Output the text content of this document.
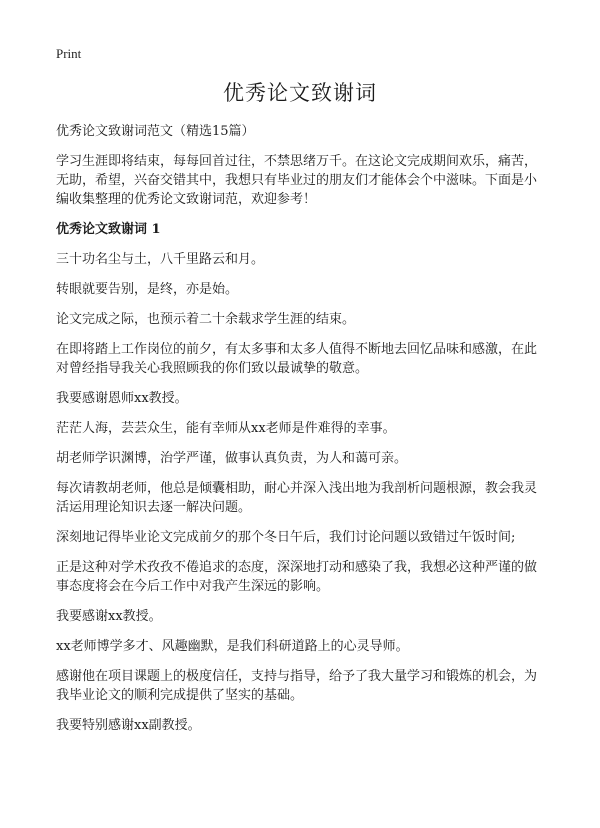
Print
优秀论文致谢词
优秀论文致谢词范文（精选15篇）

学习生涯即将结束，每每回首过往，不禁思绪万千。在这论文完成期间欢乐，痛苦，无助，希望，兴奋交错其中，我想只有毕业过的朋友们才能体会个中滋味。下面是小编收集整理的优秀论文致谢词范，欢迎参考！

优秀论文致谢词 1

三十功名尘与土，八千里路云和月。

转眼就要告别，是终，亦是始。

论文完成之际，也预示着二十余载求学生涯的结束。

在即将踏上工作岗位的前夕，有太多事和太多人值得不断地去回忆品味和感激，在此对曾经指导我关心我照顾我的你们致以最诚挚的敬意。

我要感谢恩师xx教授。

茫茫人海，芸芸众生，能有幸师从xx老师是件难得的幸事。

胡老师学识渊博，治学严谨，做事认真负责，为人和蔼可亲。

每次请教胡老师，他总是倾囊相助，耐心并深入浅出地为我剖析问题根源，教会我灵活运用理论知识去逐一解决问题。

深刻地记得毕业论文完成前夕的那个冬日午后，我们讨论问题以致错过午饭时间;

正是这种对学术孜孜不倦追求的态度，深深地打动和感染了我，我想必这种严谨的做事态度将会在今后工作中对我产生深远的影响。

我要感谢xx教授。

xx老师博学多才、风趣幽默，是我们科研道路上的心灵导师。

感谢他在项目课题上的极度信任，支持与指导，给予了我大量学习和锻炼的机会，为我毕业论文的顺利完成提供了坚实的基础。

我要特别感谢xx副教授。
